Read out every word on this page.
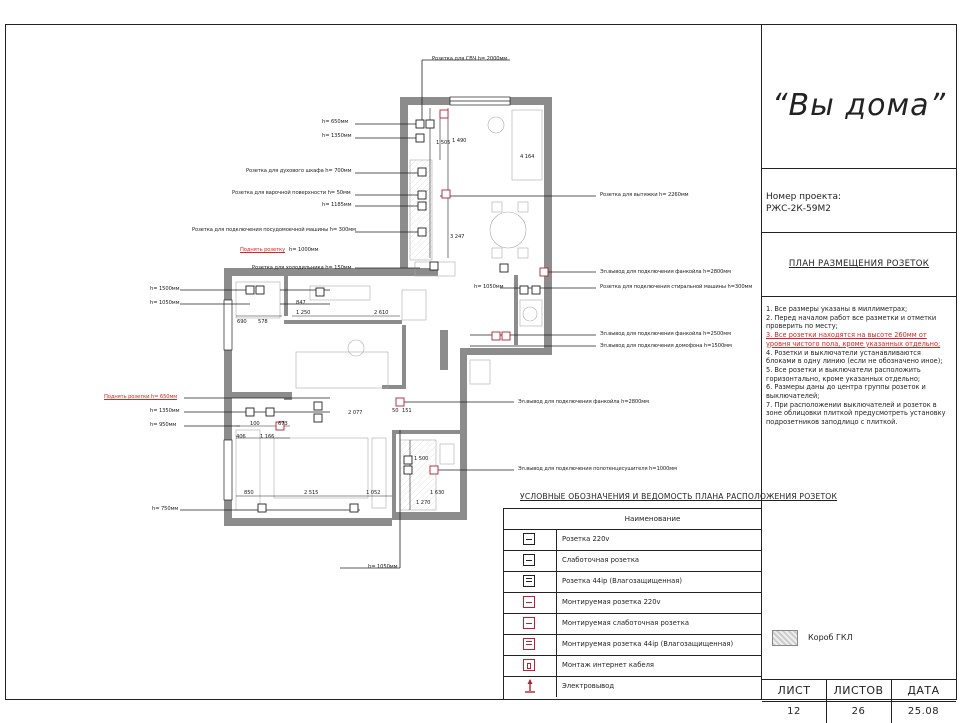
Розетка для СВЧ h= 2000мм
h= 650мм
h= 1350мм
Розетка для духового шкафа h= 700мм
Розетка для варочной поверхности h= 50мм
h= 1185мм
Розетка для подключения посудомоечной машины h= 300мм
Поднять розетку h= 1000мм
Розетка для холодильника h= 150мм
h= 1500мм
h= 1050мм
Розетка для вытяжки h= 2260мм
Эл.вывод для подключения фанкойла h=2800мм
h= 1050мм	Розетка для подключения стиральной машины h=300мм
Эл.вывод для подключения фанкойла h=2500мм
Эл.вывод для подключения домофона h=1500мм
Поднять розетки h= 650мм
h= 1350мм
h= 950мм
Эл.вывод для подключения фанкойла h=2800мм
Эл.вывод для подключения полотенцесушителя h=1000мм
h= 750мм
h= 1050мм
1 250	2 610
690 578
847
100
1 166
2 077
406
673
850	2 515	1 052
1 490
1 505
4 164
3 247
1 500
1 630
1 270
50 151
УСЛОВНЫЕ ОБОЗНАЧЕНИЯ И ВЕДОМОСТЬ ПЛАНА РАСПОЛОЖЕНИЯ РОЗЕТОК
Наименование
Розетка 220v
Слаботочная розетка
Розетка 44ip (Влагозащищенная)
Монтируемая розетка 220v
Монтируемая слаботочная розетка
Монтируемая розетка 44ip (Влагозащищенная)
Монтаж интернет кабеля
Электровывод
“Вы дома”
Номер проекта:
РЖС-2К-59М2
ПЛАН РАЗМЕЩЕНИЯ РОЗЕТОК
1. Все размеры указаны в миллиметрах;
2. Перед началом работ все разметки и отметки проверить по месту;
3. Все розетки находятся на высоте 260мм от уровня чистого пола, кроме указанных отдельно;
4. Розетки и выключатели устанавливаются блоками в одну линию (если не обозначено иное);
5. Все розетки и выключатели расположить горизонтально, кроме указанных отдельно;
6. Размеры даны до центра группы розеток и выключателей;
7. При расположении выключателей и розеток в зоне облицовки плиткой предусмотреть установку подрозетников заподлицо с плиткой.
Короб ГКЛ
ЛИСТ	ЛИСТОВ	ДАТА
12	26	25.08
